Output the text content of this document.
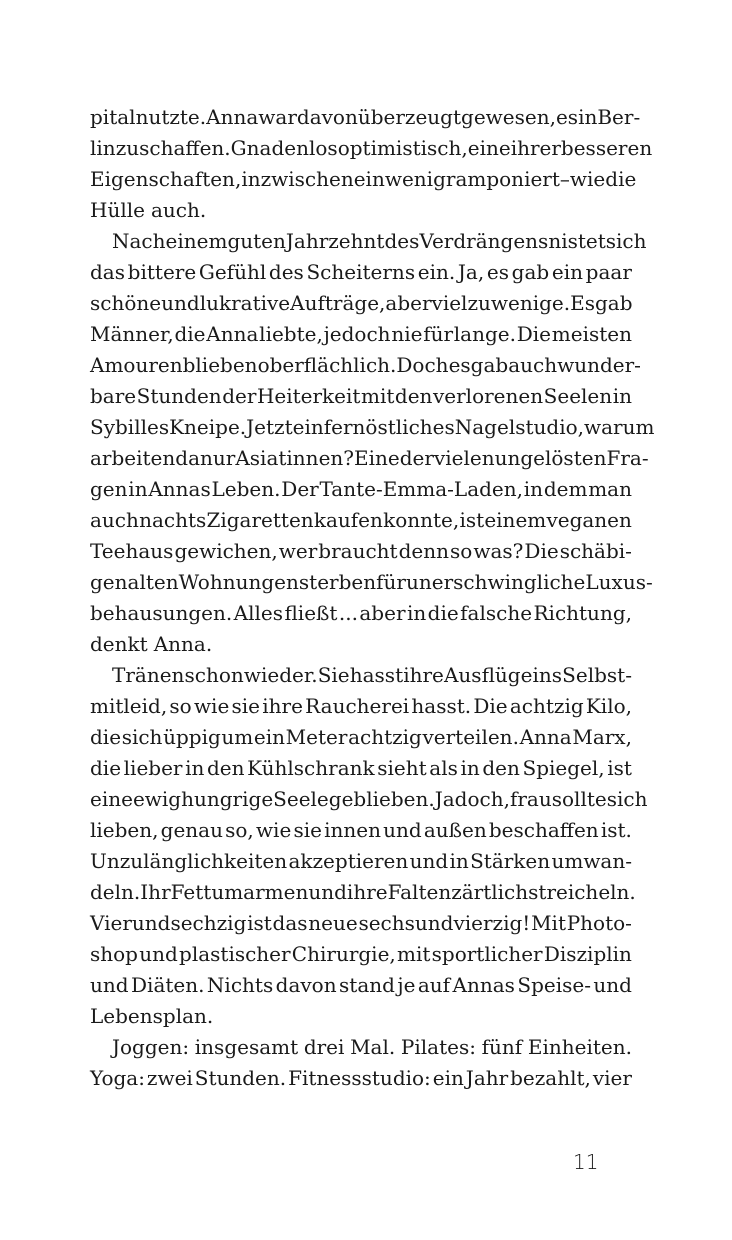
pital nutzte. Anna war davon überzeugt gewesen, es in Ber-
lin zu schaffen. Gnadenlos optimistisch, eine ihrer besseren
Eigenschaften, inzwischen ein wenig ramponiert – wie die
Hülle auch.
Nach einem guten Jahrzehnt des Verdrängens nistet sich
das bittere Gefühl des Scheiterns ein. Ja, es gab ein paar
schöne und lukrative Aufträge, aber viel zu wenige. Es gab
Männer, die Anna liebte, jedoch nie für lange. Die meisten
Amouren blieben oberflächlich. Doch es gab auch wunder-
bare Stunden der Heiterkeit mit den verlorenen Seelen in
Sybilles Kneipe. Jetzt ein fernöstliches Nagelstudio, warum
arbeiten da nur Asiatinnen? Eine der vielen ungelösten Fra-
gen in Annas Leben. Der Tante-Emma-Laden, in dem man
auch nachts Zigaretten kaufen konnte, ist einem veganen
Teehaus gewichen, wer braucht denn so was? Die schäbi-
gen alten Wohnungen sterben für unerschwingliche Luxus-
behausungen. Alles fließt ... aber in die falsche Richtung,
denkt Anna.
Tränen schon wieder. Sie hasst ihre Ausflüge ins Selbst-
mitleid, so wie sie ihre Raucherei hasst. Die achtzig Kilo,
die sich üppig um ein Meter achtzig verteilen. Anna Marx,
die lieber in den Kühlschrank sieht als in den Spiegel, ist
eine ewig hungrige Seele geblieben. Ja doch, frau sollte sich
lieben, genau so, wie sie innen und außen beschaffen ist.
Unzulänglichkeiten akzeptieren und in Stärken umwan-
deln. Ihr Fett umarmen und ihre Falten zärtlich streicheln.
Vierundsechzig ist das neue sechsundvierzig! Mit Photo-
shop und plastischer Chirurgie, mit sportlicher Disziplin
und Diäten. Nichts davon stand je auf Annas Speise- und
Lebensplan.
Joggen: insgesamt drei Mal. Pilates: fünf Einheiten.
Yoga: zwei Stunden. Fitnessstudio: ein Jahr bezahlt, vier
11
